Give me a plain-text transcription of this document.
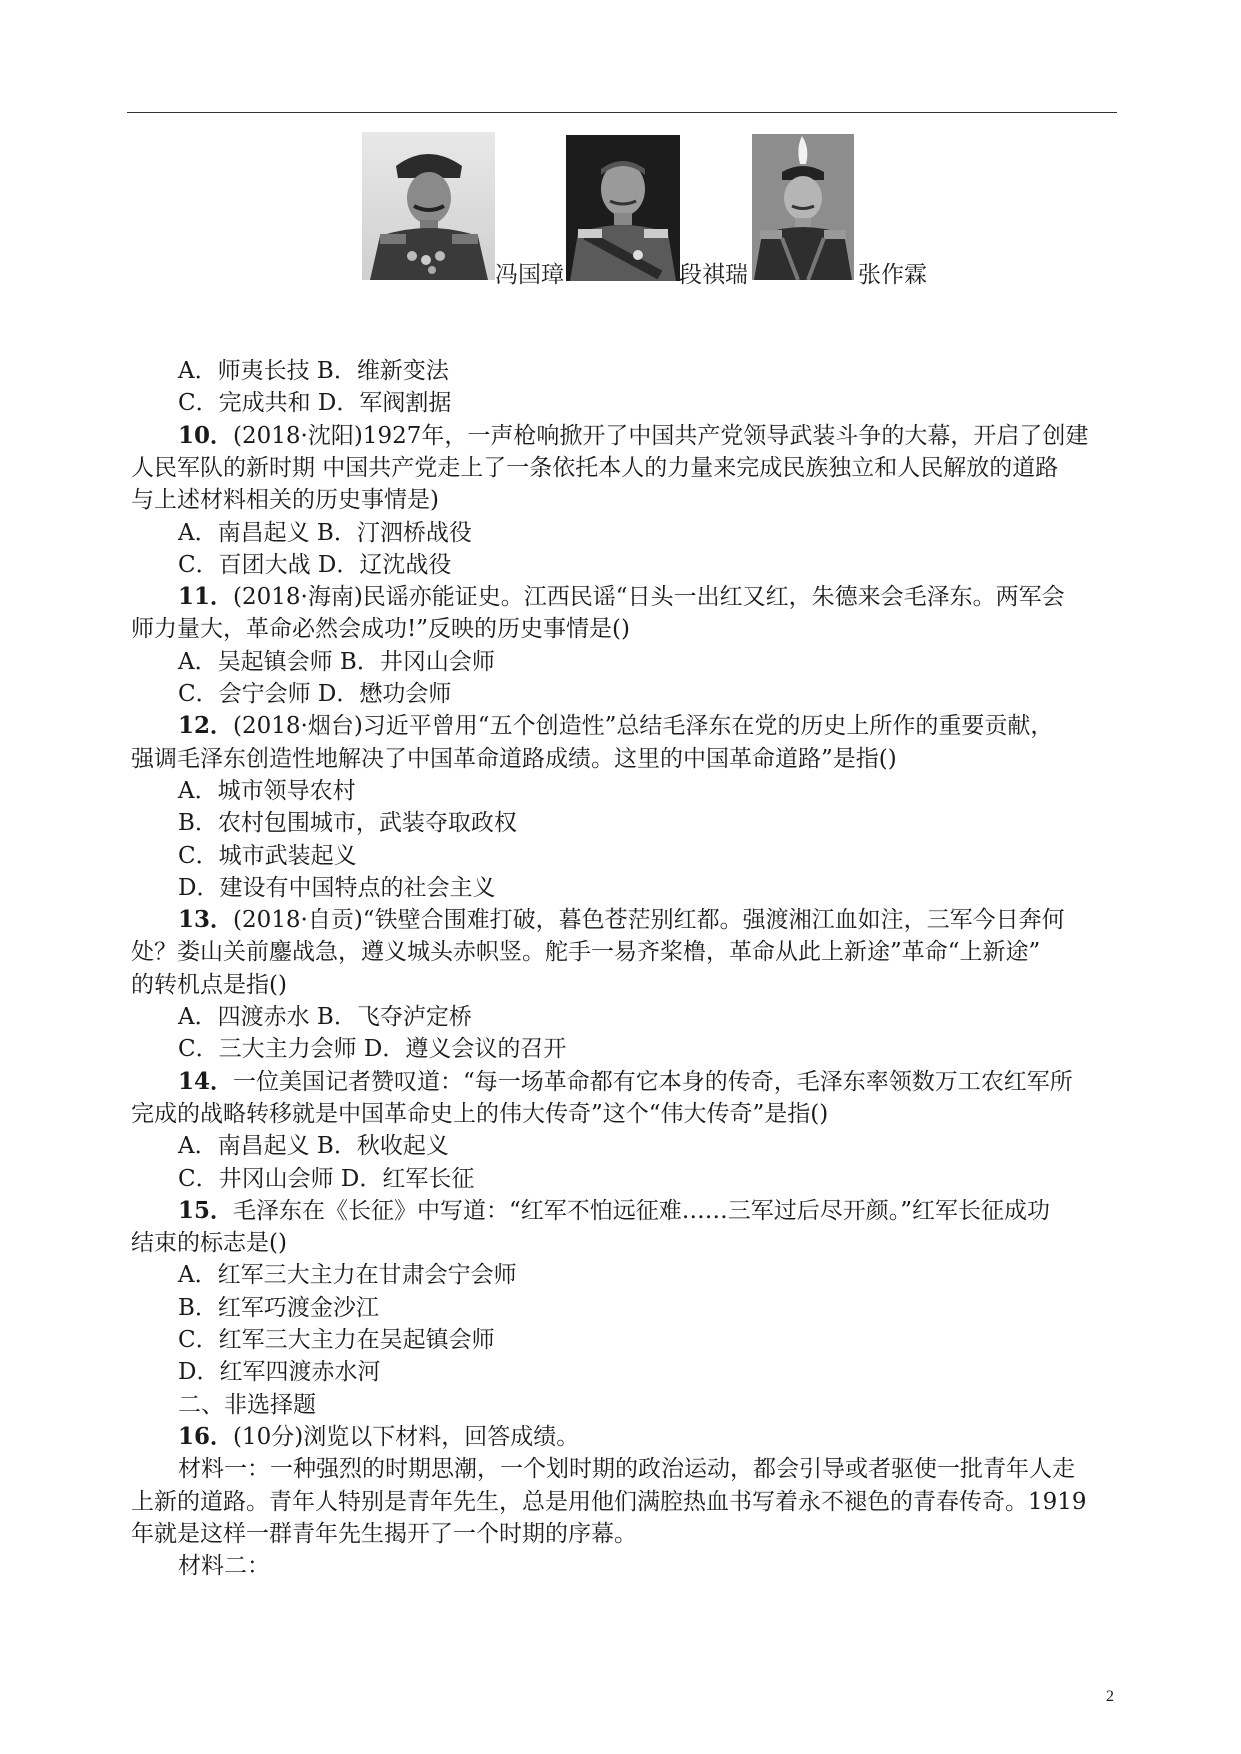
冯国璋	段祺瑞	张作霖
A．师夷长技 B．维新变法
C．完成共和 D．军阀割据
10．(2018·沈阳)1927年，一声枪响掀开了中国共产党领导武装斗争的大幕，开启了创建
人民军队的新时期 中国共产党走上了一条依托本人的力量来完成民族独立和人民解放的道路
与上述材料相关的历史事情是)
A．南昌起义 B．汀泗桥战役
C．百团大战 D．辽沈战役
11．(2018·海南)民谣亦能证史。江西民谣“日头一出红又红，朱德来会毛泽东。两军会
师力量大，革命必然会成功!”反映的历史事情是()
A．吴起镇会师 B．井冈山会师
C．会宁会师 D．懋功会师
12．(2018·烟台)习近平曾用“五个创造性”总结毛泽东在党的历史上所作的重要贡献，
强调毛泽东创造性地解决了中国革命道路成绩。这里的中国革命道路”是指()
A．城市领导农村
B．农村包围城市，武装夺取政权
C．城市武装起义
D．建设有中国特点的社会主义
13．(2018·自贡)“铁壁合围难打破，暮色苍茫别红都。强渡湘江血如注，三军今日奔何
处？娄山关前鏖战急，遵义城头赤帜竖。舵手一易齐桨橹，革命从此上新途”革命“上新途”
的转机点是指()
A．四渡赤水 B．飞夺泸定桥
C．三大主力会师 D．遵义会议的召开
14．一位美国记者赞叹道：“每一场革命都有它本身的传奇，毛泽东率领数万工农红军所
完成的战略转移就是中国革命史上的伟大传奇”这个“伟大传奇”是指()
A．南昌起义 B．秋收起义
C．井冈山会师 D．红军长征
15．毛泽东在《长征》中写道：“红军不怕远征难……三军过后尽开颜。”红军长征成功
结束的标志是()
A．红军三大主力在甘肃会宁会师
B．红军巧渡金沙江
C．红军三大主力在吴起镇会师
D．红军四渡赤水河
二、非选择题
16．(10分)浏览以下材料，回答成绩。
材料一：一种强烈的时期思潮，一个划时期的政治运动，都会引导或者驱使一批青年人走
上新的道路。青年人特别是青年先生，总是用他们满腔热血书写着永不褪色的青春传奇。1919
年就是这样一群青年先生揭开了一个时期的序幕。
材料二：
2
